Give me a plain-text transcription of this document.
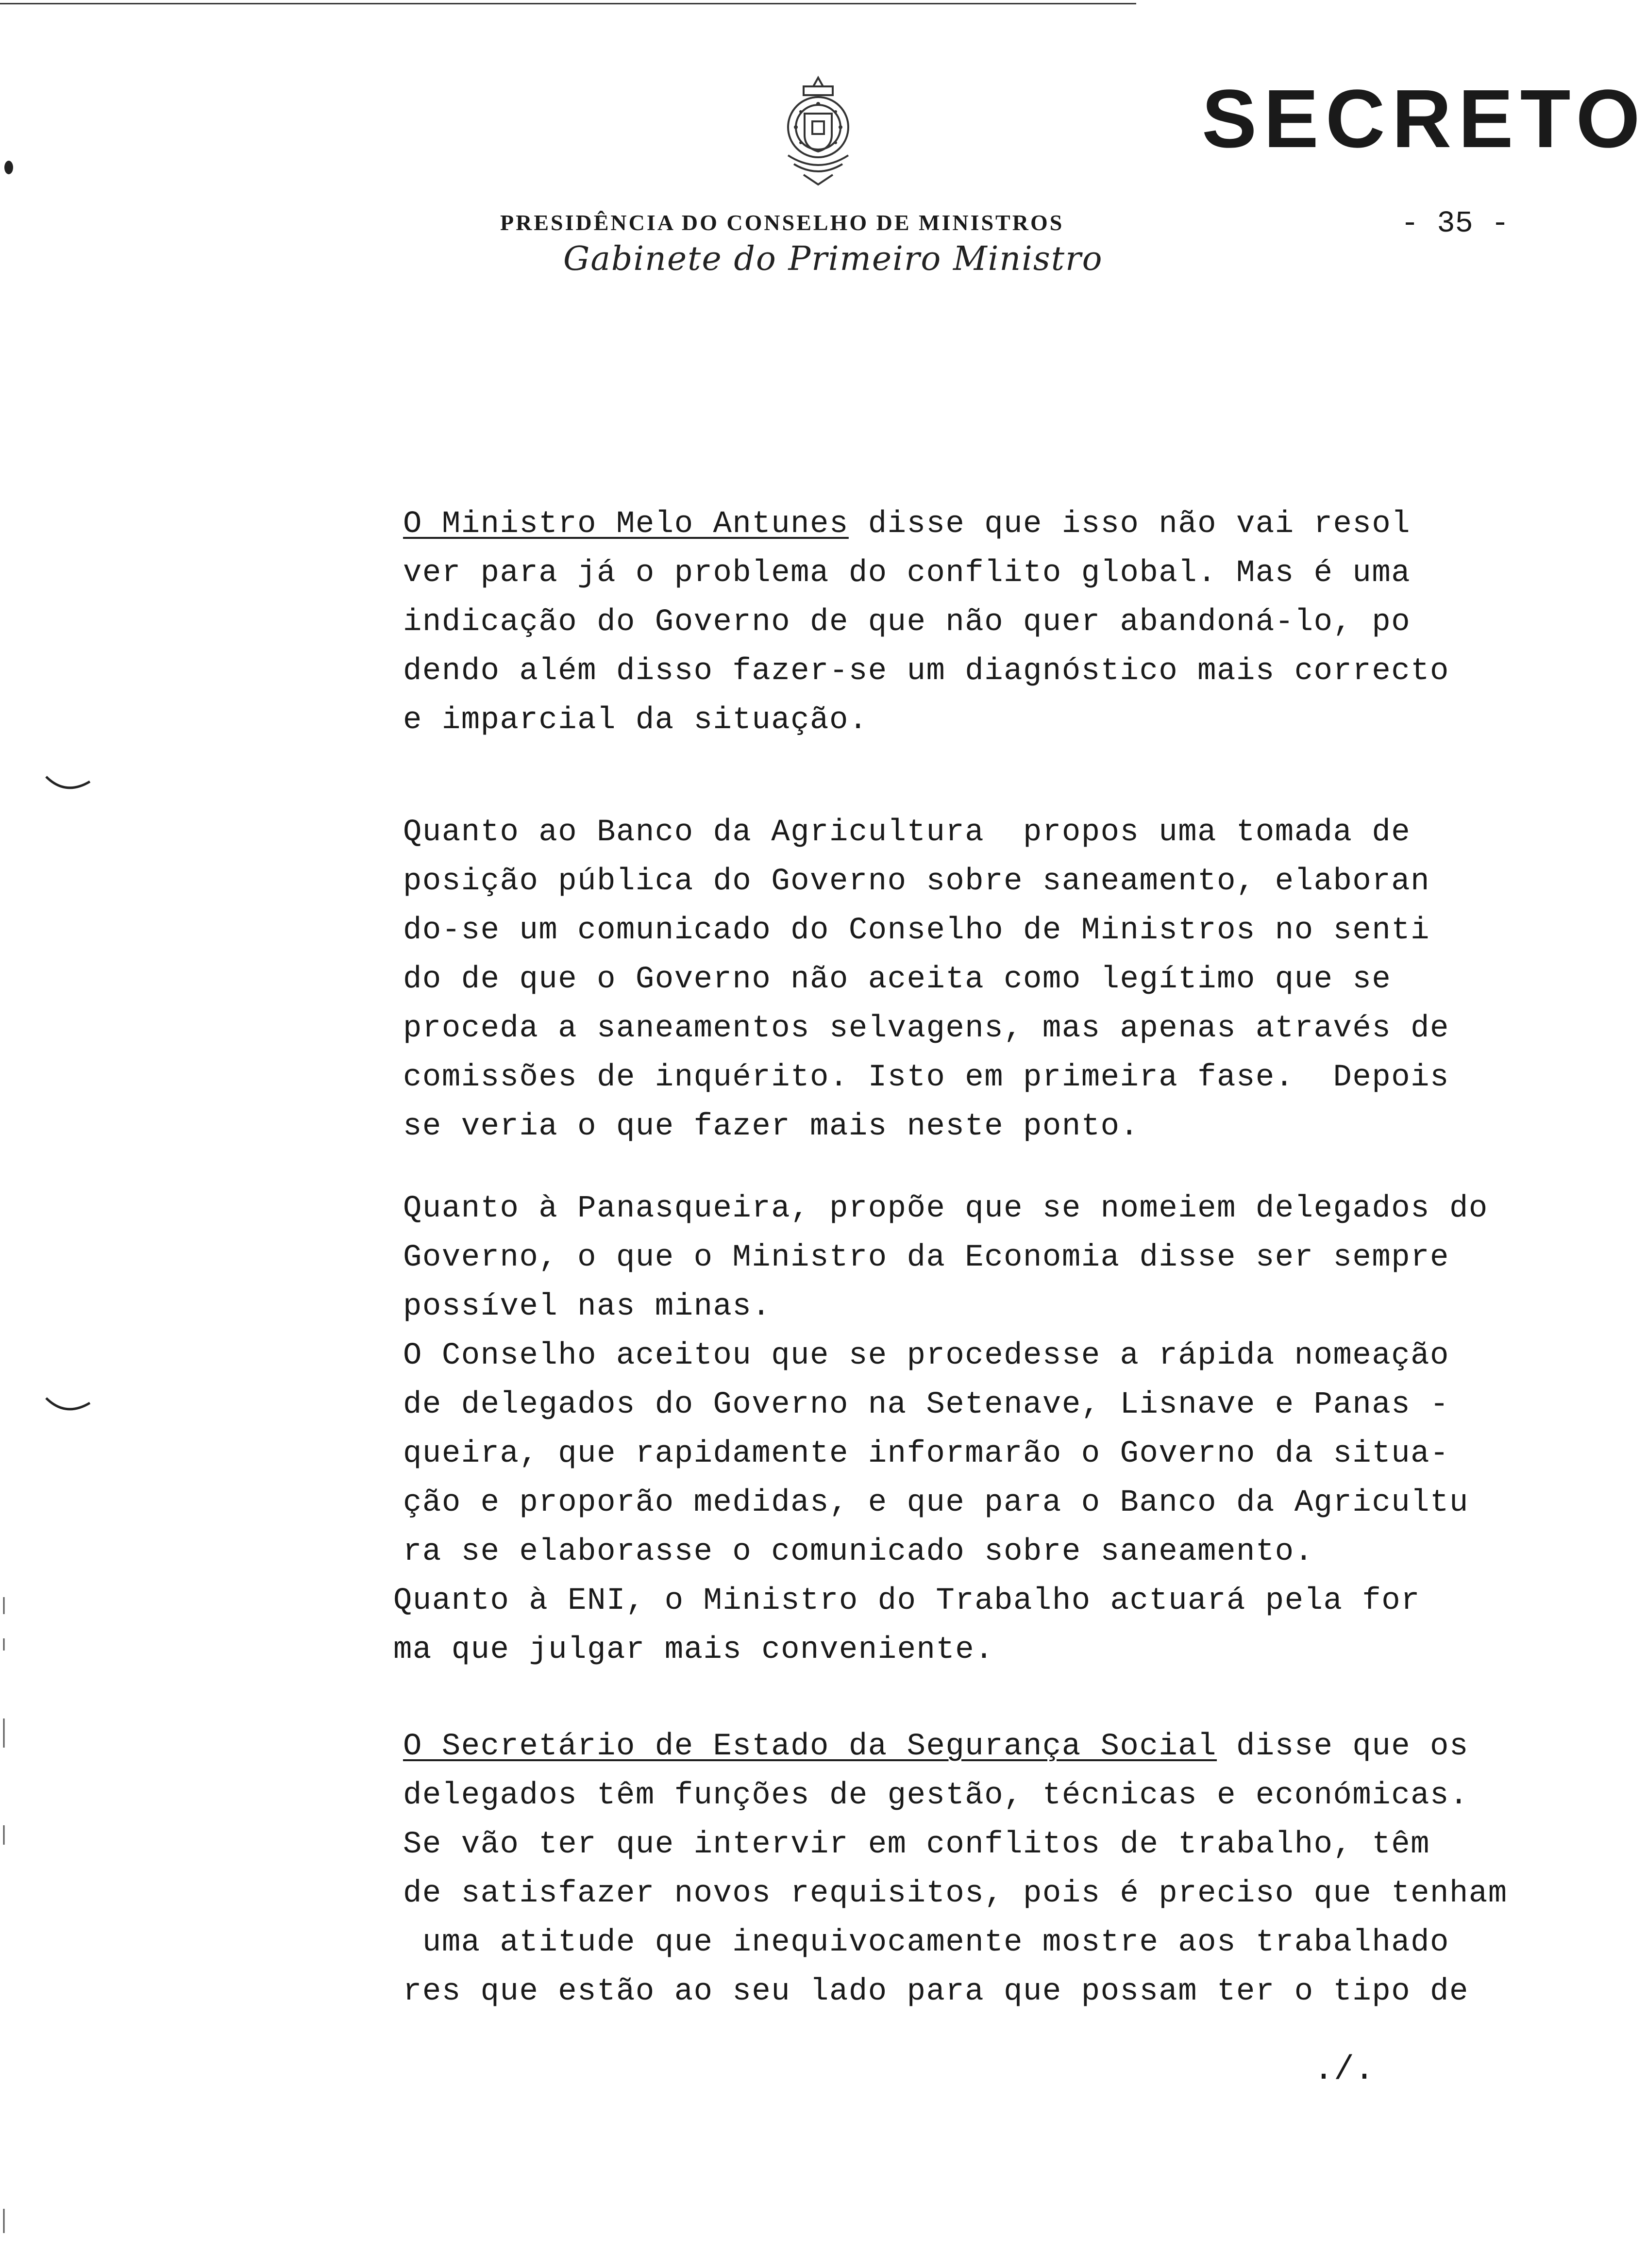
SECRETO
PRESIDÊNCIA DO CONSELHO DE MINISTROS	- 35 -
Gabinete do Primeiro Ministro
O Ministro Melo Antunes disse que isso não vai resol
ver para já o problema do conflito global. Mas é uma
indicação do Governo de que não quer abandoná-lo, po
dendo além disso fazer-se um diagnóstico mais correcto
e imparcial da situação.
Quanto ao Banco da Agricultura  propos uma tomada de
posição pública do Governo sobre saneamento, elaboran
do-se um comunicado do Conselho de Ministros no senti
do de que o Governo não aceita como legítimo que se
proceda a saneamentos selvagens, mas apenas através de
comissões de inquérito. Isto em primeira fase.  Depois
se veria o que fazer mais neste ponto.
Quanto à Panasqueira, propõe que se nomeiem delegados do
Governo, o que o Ministro da Economia disse ser sempre
possível nas minas.
O Conselho aceitou que se procedesse a rápida nomeação
de delegados do Governo na Setenave, Lisnave e Panas -
queira, que rapidamente informarão o Governo da situa-
ção e proporão medidas, e que para o Banco da Agricultu
ra se elaborasse o comunicado sobre saneamento.
Quanto à ENI, o Ministro do Trabalho actuará pela for
ma que julgar mais conveniente.
O Secretário de Estado da Segurança Social disse que os
delegados têm funções de gestão, técnicas e económicas.
Se vão ter que intervir em conflitos de trabalho, têm
de satisfazer novos requisitos, pois é preciso que tenham
uma atitude que inequivocamente mostre aos trabalhado
res que estão ao seu lado para que possam ter o tipo de
./.
